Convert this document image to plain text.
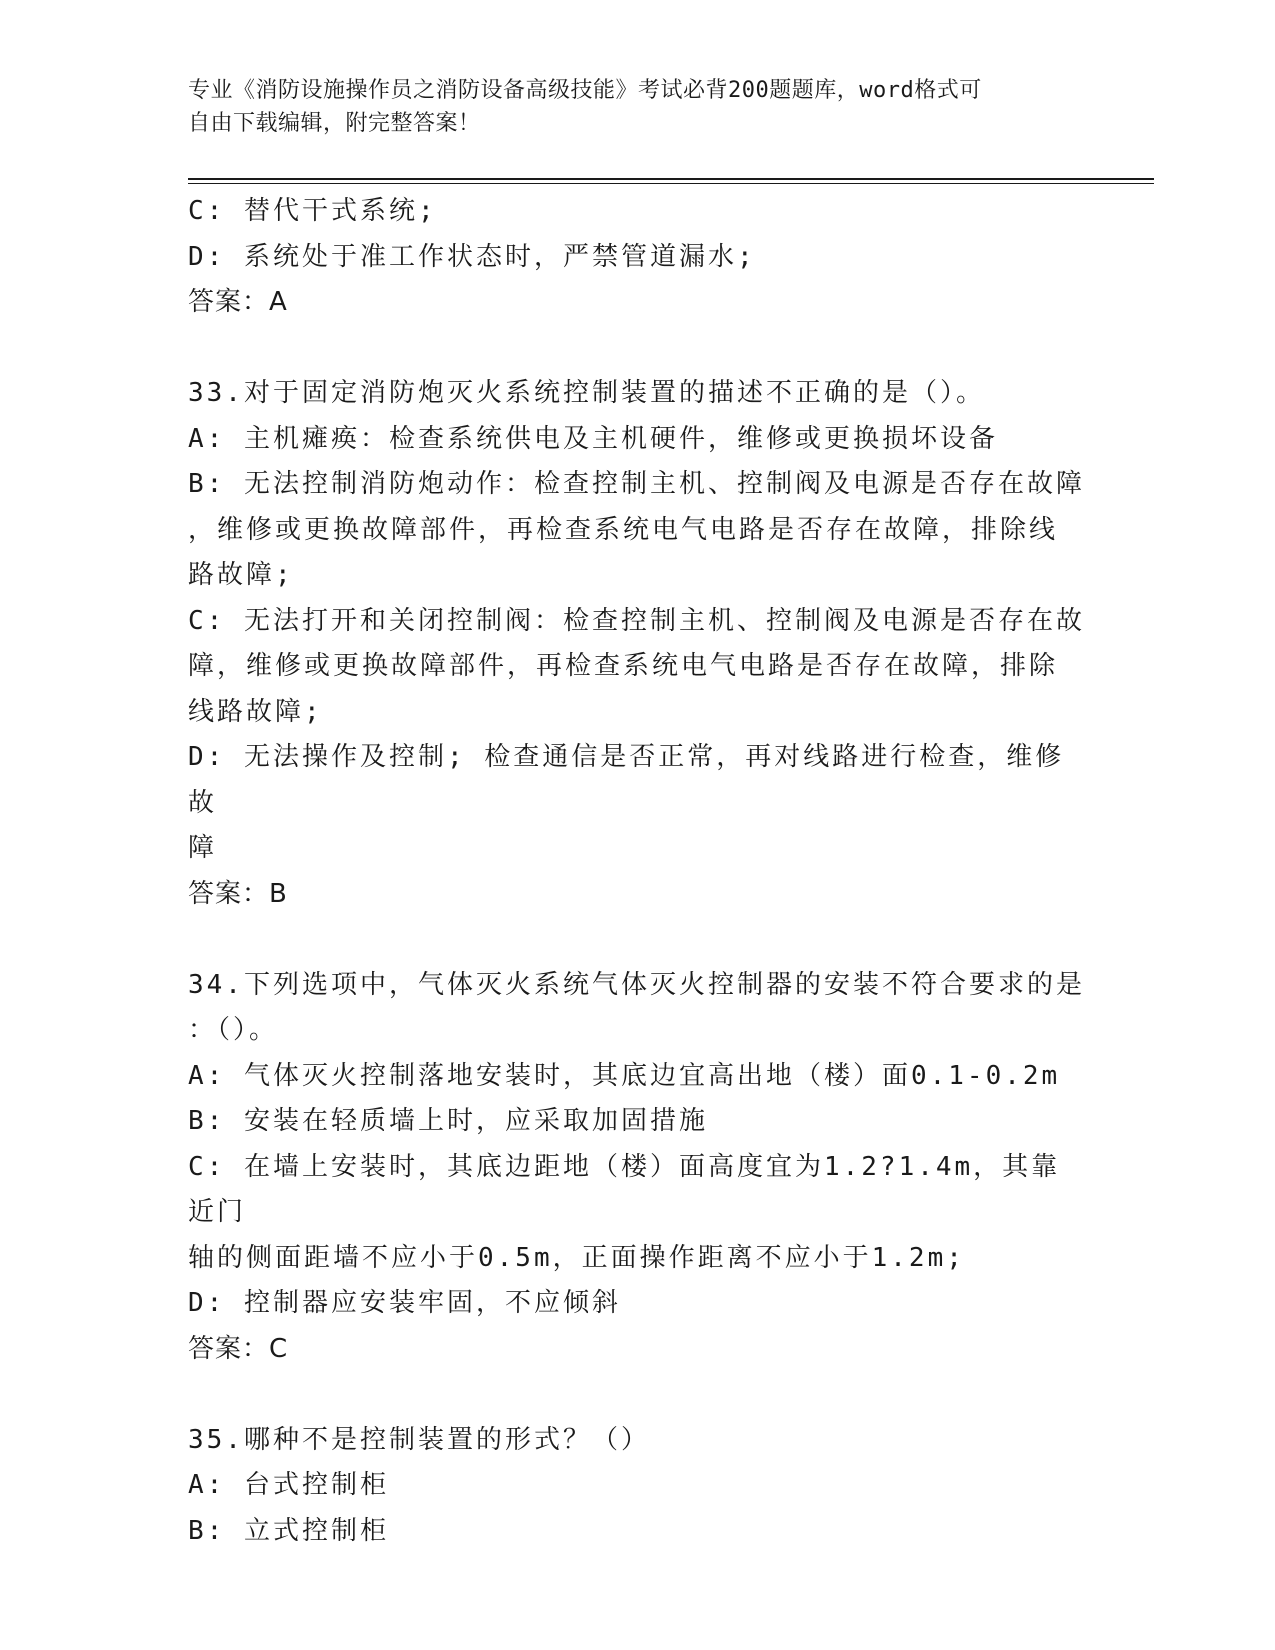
专业《消防设施操作员之消防设备高级技能》考试必背200题题库，word格式可
自由下载编辑，附完整答案！
C: 替代干式系统;
D: 系统处于准工作状态时，严禁管道漏水;
答案：A
33.对于固定消防炮灭火系统控制装置的描述不正确的是（）。
A: 主机瘫痪：检查系统供电及主机硬件，维修或更换损坏设备
B: 无法控制消防炮动作：检查控制主机、控制阀及电源是否存在故障
，维修或更换故障部件，再检查系统电气电路是否存在故障，排除线
路故障;
C: 无法打开和关闭控制阀：检查控制主机、控制阀及电源是否存在故
障，维修或更换故障部件，再检查系统电气电路是否存在故障，排除
线路故障;
D: 无法操作及控制; 检查通信是否正常，再对线路进行检查，维修故
障
答案：B
34.下列选项中，气体灭火系统气体灭火控制器的安装不符合要求的是
：（）。
A: 气体灭火控制落地安装时，其底边宜高出地（楼）面0.1-0.2m
B: 安装在轻质墙上时，应采取加固措施
C: 在墙上安装时，其底边距地（楼）面高度宜为1.2?1.4m，其靠近门
轴的侧面距墙不应小于0.5m，正面操作距离不应小于1.2m;
D: 控制器应安装牢固，不应倾斜
答案：C
35.哪种不是控制装置的形式？（）
A: 台式控制柜
B: 立式控制柜
